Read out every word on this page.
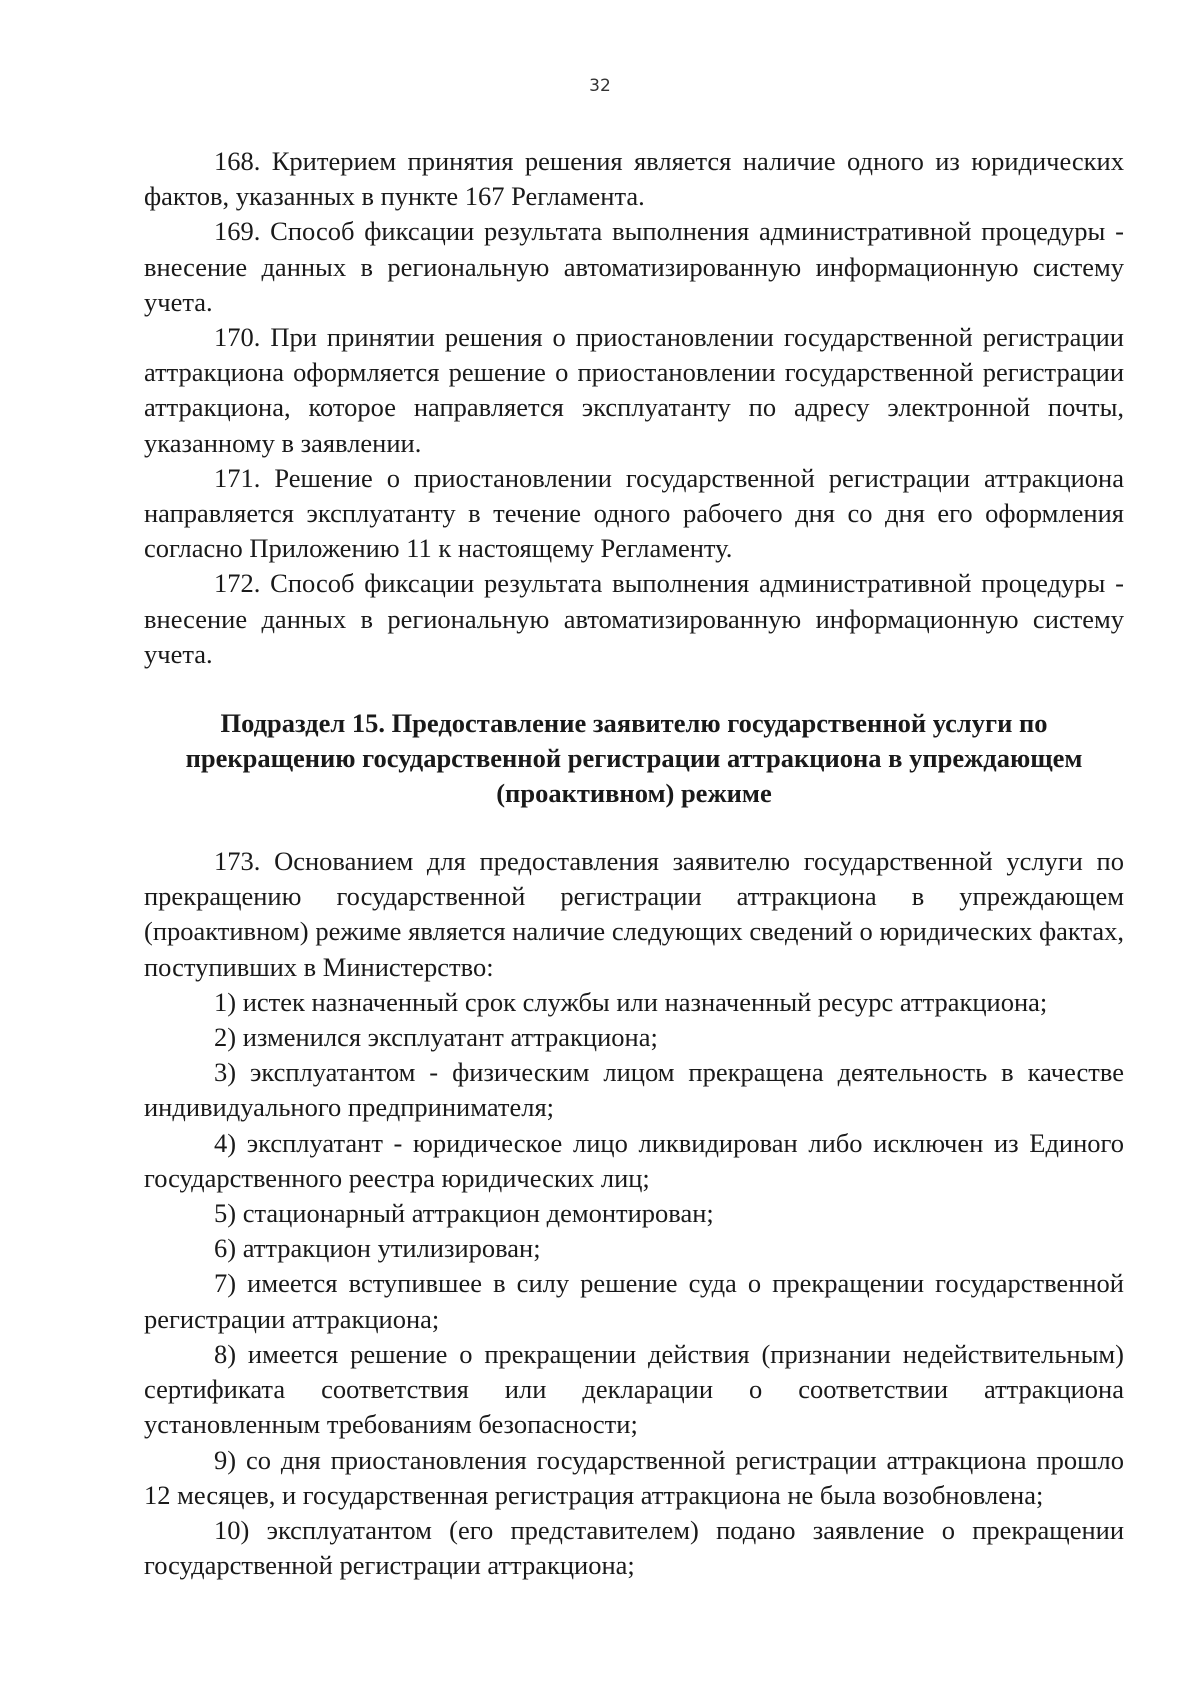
32

168. Критерием принятия решения является наличие одного из юридических фактов, указанных в пункте 167 Регламента.

169. Способ фиксации результата выполнения административной процедуры - внесение данных в региональную автоматизированную информационную систему учета.

170. При принятии решения о приостановлении государственной регистрации аттракциона оформляется решение о приостановлении государственной регистрации аттракциона, которое направляется эксплуатанту по адресу электронной почты, указанному в заявлении.

171. Решение о приостановлении государственной регистрации аттракциона направляется эксплуатанту в течение одного рабочего дня со дня его оформления согласно Приложению 11 к настоящему Регламенту.

172. Способ фиксации результата выполнения административной процедуры - внесение данных в региональную автоматизированную информационную систему учета.

Подраздел 15. Предоставление заявителю государственной услуги по прекращению государственной регистрации аттракциона в упреждающем (проактивном) режиме

173. Основанием для предоставления заявителю государственной услуги по прекращению государственной регистрации аттракциона в упреждающем (проактивном) режиме является наличие следующих сведений о юридических фактах, поступивших в Министерство:

1) истек назначенный срок службы или назначенный ресурс аттракциона;

2) изменился эксплуатант аттракциона;

3) эксплуатантом - физическим лицом прекращена деятельность в качестве индивидуального предпринимателя;

4) эксплуатант - юридическое лицо ликвидирован либо исключен из Единого государственного реестра юридических лиц;

5) стационарный аттракцион демонтирован;

6) аттракцион утилизирован;

7) имеется вступившее в силу решение суда о прекращении государственной регистрации аттракциона;

8) имеется решение о прекращении действия (признании недействительным) сертификата соответствия или декларации о соответствии аттракциона установленным требованиям безопасности;

9) со дня приостановления государственной регистрации аттракциона прошло 12 месяцев, и государственная регистрация аттракциона не была возобновлена;

10) эксплуатантом (его представителем) подано заявление о прекращении государственной регистрации аттракциона;
